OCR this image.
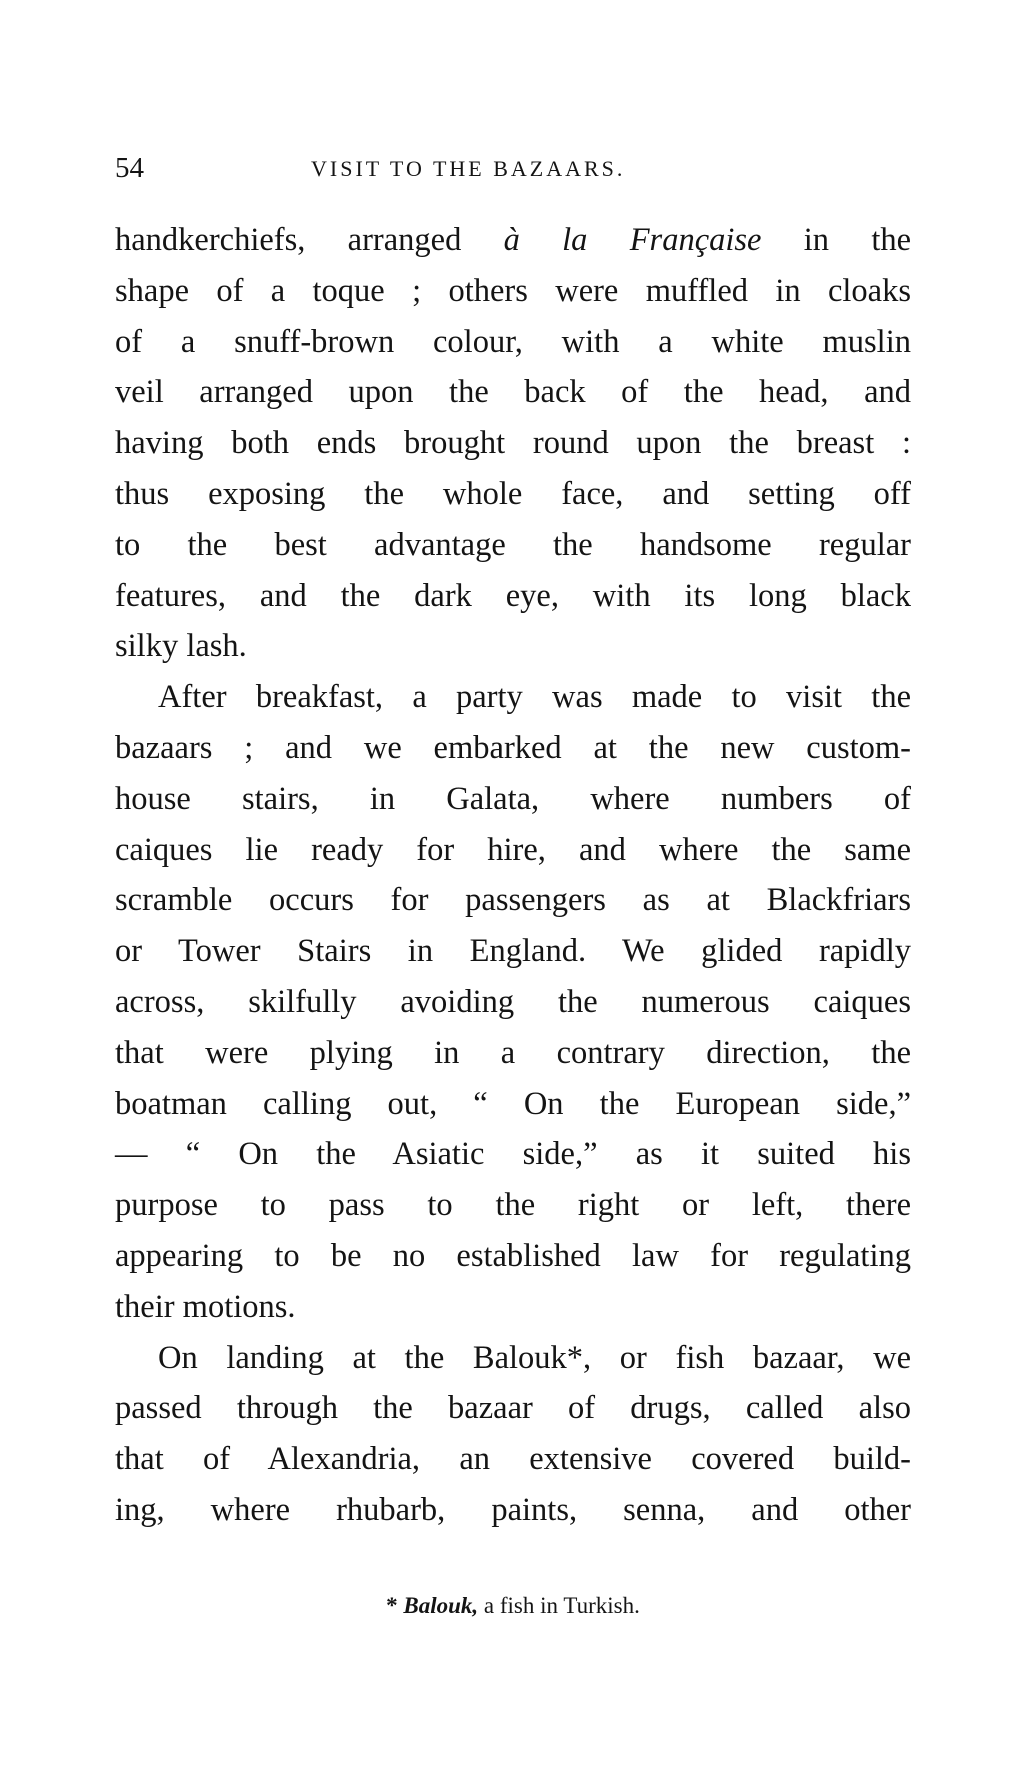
54	VISIT TO THE BAZAARS.
handkerchiefs, arranged à la Française in the
shape of a toque ; others were muffled in cloaks
of a snuff-brown colour, with a white muslin
veil arranged upon the back of the head, and
having both ends brought round upon the breast :
thus exposing the whole face, and setting off
to the best advantage the handsome regular
features, and the dark eye, with its long black
silky lash.
After breakfast, a party was made to visit the
bazaars ; and we embarked at the new custom-
house stairs, in Galata, where numbers of
caiques lie ready for hire, and where the same
scramble occurs for passengers as at Blackfriars
or Tower Stairs in England. We glided rapidly
across, skilfully avoiding the numerous caiques
that were plying in a contrary direction, the
boatman calling out, “ On the European side,”
— “ On the Asiatic side,” as it suited his
purpose to pass to the right or left, there
appearing to be no established law for regulating
their motions.
On landing at the Balouk*, or fish bazaar, we
passed through the bazaar of drugs, called also
that of Alexandria, an extensive covered build-
ing, where rhubarb, paints, senna, and other
* Balouk, a fish in Turkish.
